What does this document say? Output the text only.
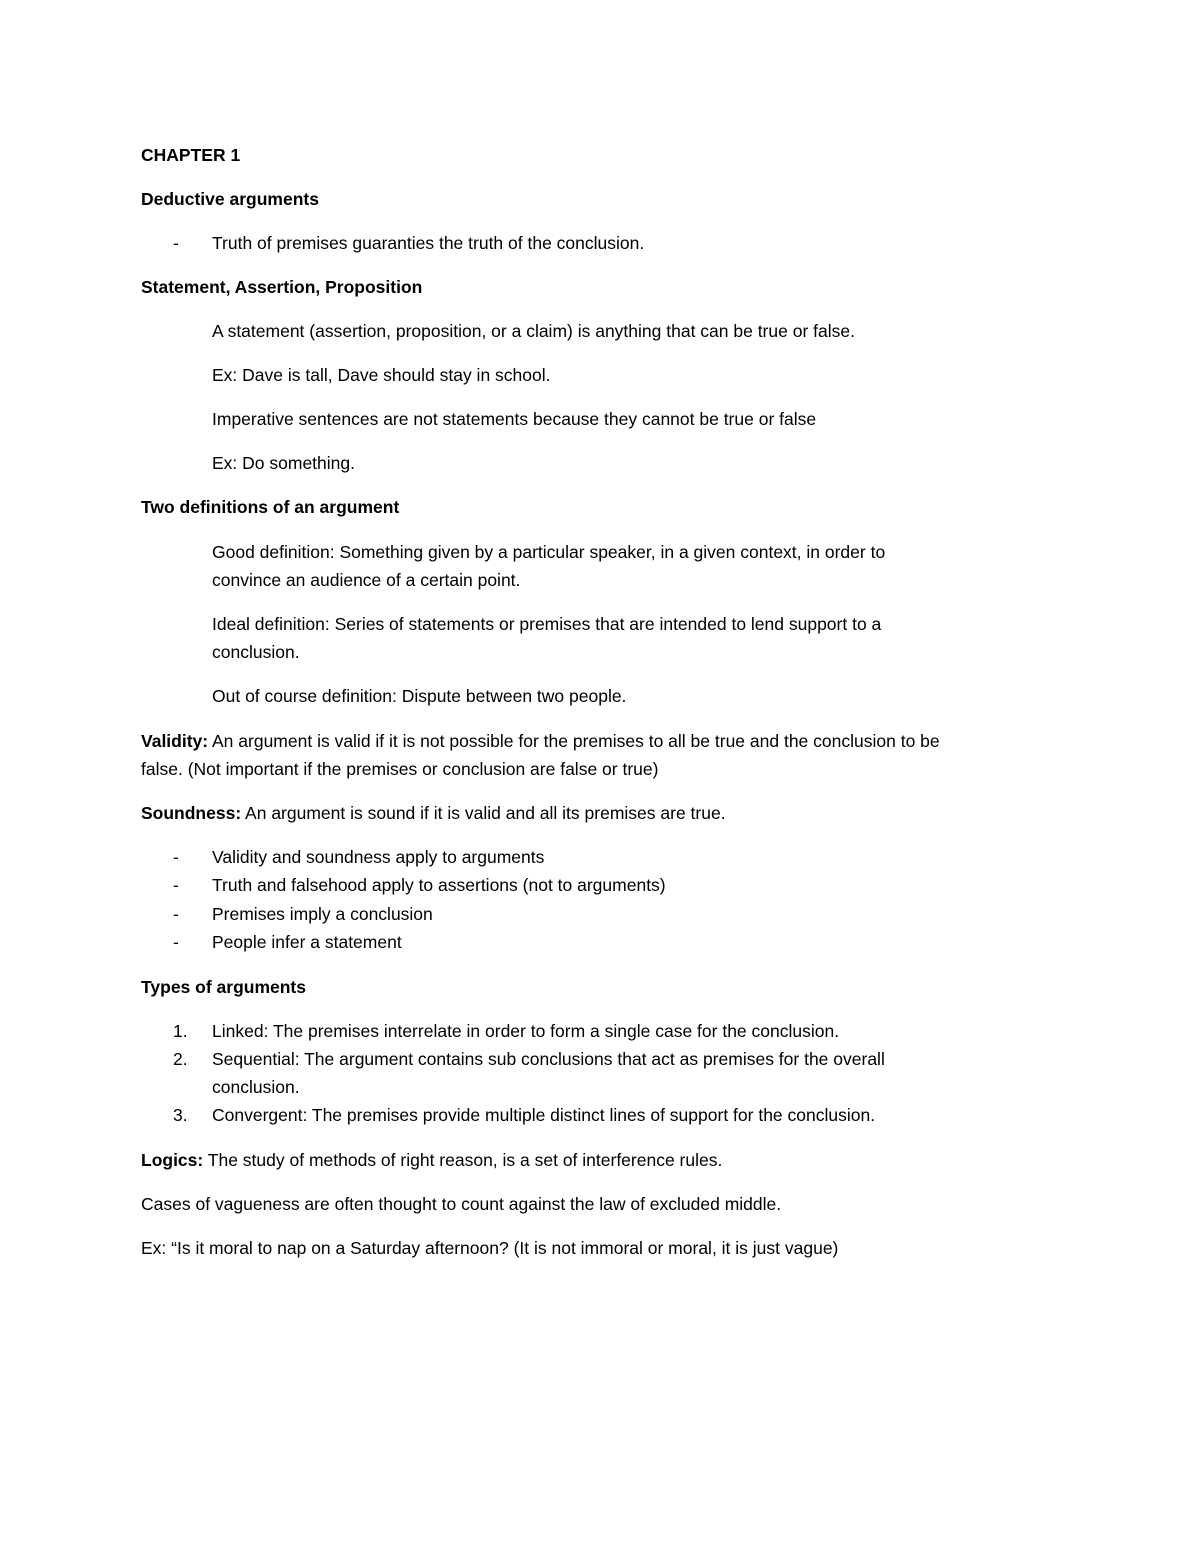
CHAPTER 1
Deductive arguments
- Truth of premises guaranties the truth of the conclusion.
Statement, Assertion, Proposition
A statement (assertion, proposition, or a claim) is anything that can be true or false.
Ex: Dave is tall, Dave should stay in school.
Imperative sentences are not statements because they cannot be true or false
Ex: Do something.
Two definitions of an argument
Good definition: Something given by a particular speaker, in a given context, in order to
convince an audience of a certain point.
Ideal definition: Series of statements or premises that are intended to lend support to a
conclusion.
Out of course definition: Dispute between two people.
Validity: An argument is valid if it is not possible for the premises to all be true and the conclusion to be
false. (Not important if the premises or conclusion are false or true)
Soundness: An argument is sound if it is valid and all its premises are true.
- Validity and soundness apply to arguments
- Truth and falsehood apply to assertions (not to arguments)
- Premises imply a conclusion
- People infer a statement
Types of arguments
1. Linked: The premises interrelate in order to form a single case for the conclusion.
2. Sequential: The argument contains sub conclusions that act as premises for the overall
conclusion.
3. Convergent: The premises provide multiple distinct lines of support for the conclusion.
Logics: The study of methods of right reason, is a set of interference rules.
Cases of vagueness are often thought to count against the law of excluded middle.
Ex: “Is it moral to nap on a Saturday afternoon? (It is not immoral or moral, it is just vague)
